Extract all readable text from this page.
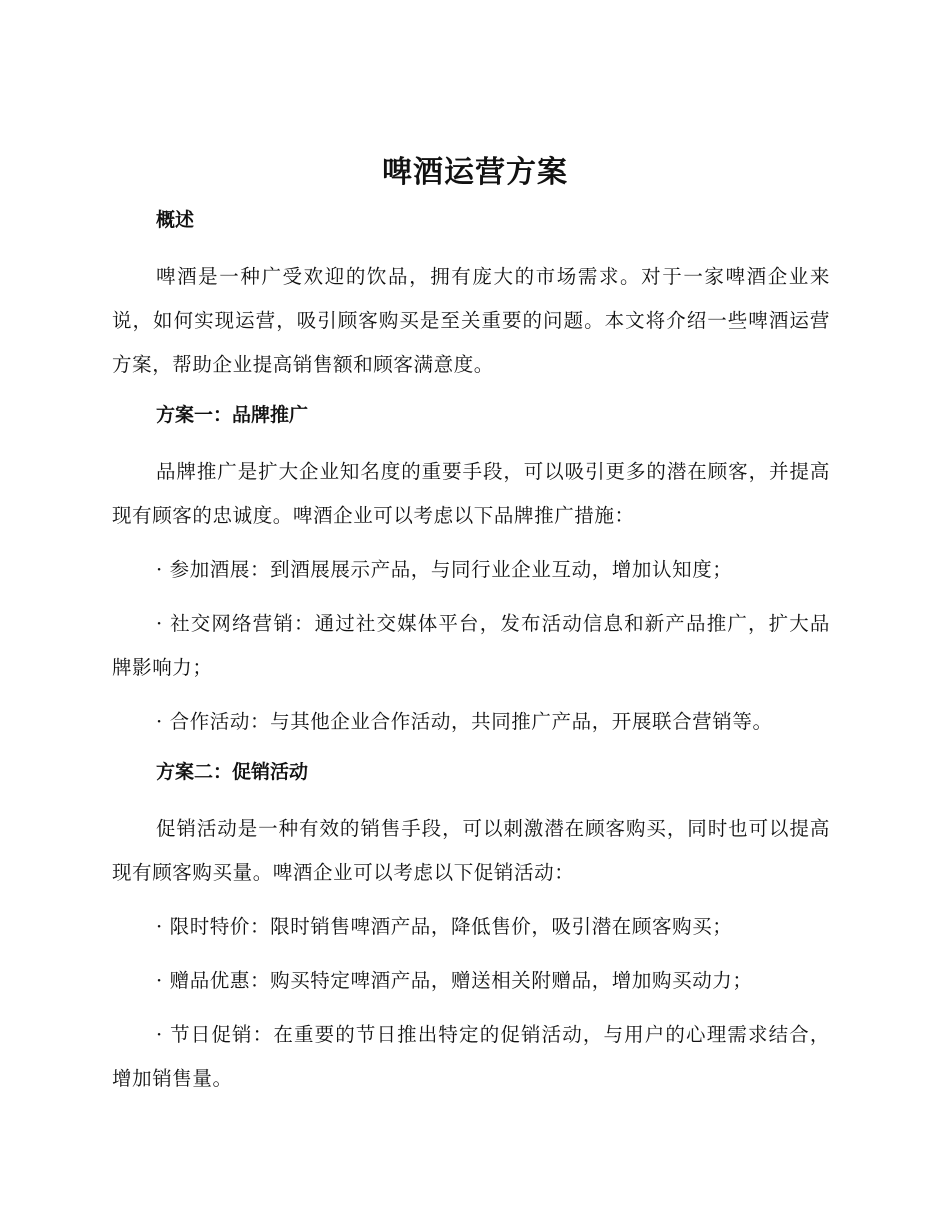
啤酒运营方案
概述

啤酒是一种广受欢迎的饮品，拥有庞大的市场需求。对于一家啤酒企业来说，如何实现运营，吸引顾客购买是至关重要的问题。本文将介绍一些啤酒运营方案，帮助企业提高销售额和顾客满意度。

方案一：品牌推广

品牌推广是扩大企业知名度的重要手段，可以吸引更多的潜在顾客，并提高现有顾客的忠诚度。啤酒企业可以考虑以下品牌推广措施：

· 参加酒展：到酒展展示产品，与同行业企业互动，增加认知度；

· 社交网络营销：通过社交媒体平台，发布活动信息和新产品推广，扩大品牌影响力；

· 合作活动：与其他企业合作活动，共同推广产品，开展联合营销等。

方案二：促销活动

促销活动是一种有效的销售手段，可以刺激潜在顾客购买，同时也可以提高现有顾客购买量。啤酒企业可以考虑以下促销活动：

· 限时特价：限时销售啤酒产品，降低售价，吸引潜在顾客购买；

· 赠品优惠：购买特定啤酒产品，赠送相关附赠品，增加购买动力；

· 节日促销：在重要的节日推出特定的促销活动，与用户的心理需求结合，增加销售量。
